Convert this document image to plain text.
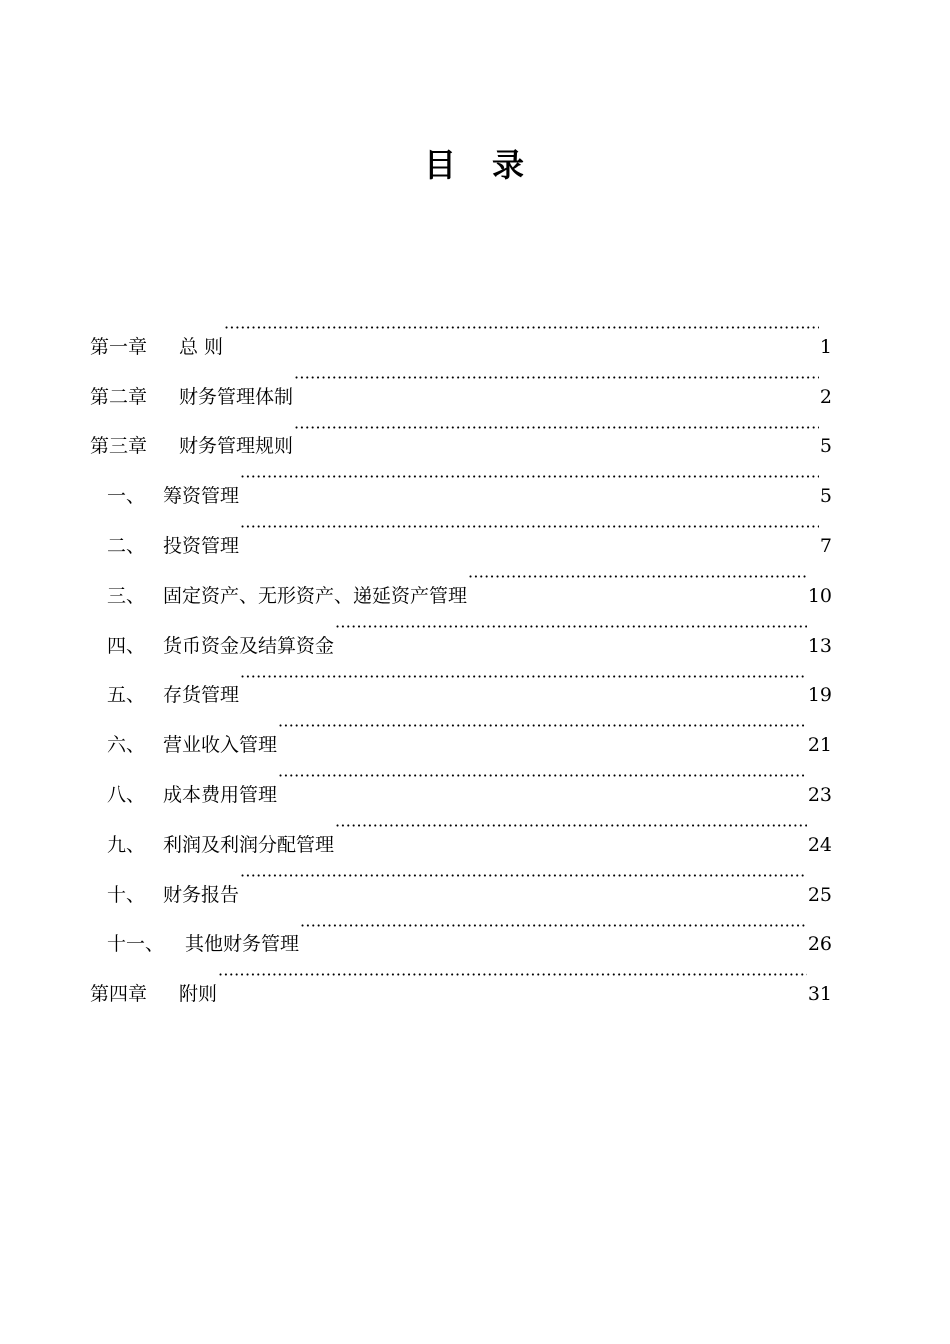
目　录
第一章	总 则 ·····	1
第二章	财务管理体制 ·····	2
第三章	财务管理规则 ·····	5
一、 筹资管理 ·····	5
二、 投资管理 ·····	7
三、 固定资产、无形资产、递延资产管理 ·····	10
四、 货币资金及结算资金 ·····	13
五、 存货管理 ·····	19
六、 营业收入管理 ·····	21
八、 成本费用管理 ·····	23
九、 利润及利润分配管理 ·····	24
十、 财务报告 ·····	25
十一、	其他财务管理 ·····	26
第四章	附则 ·····	31
